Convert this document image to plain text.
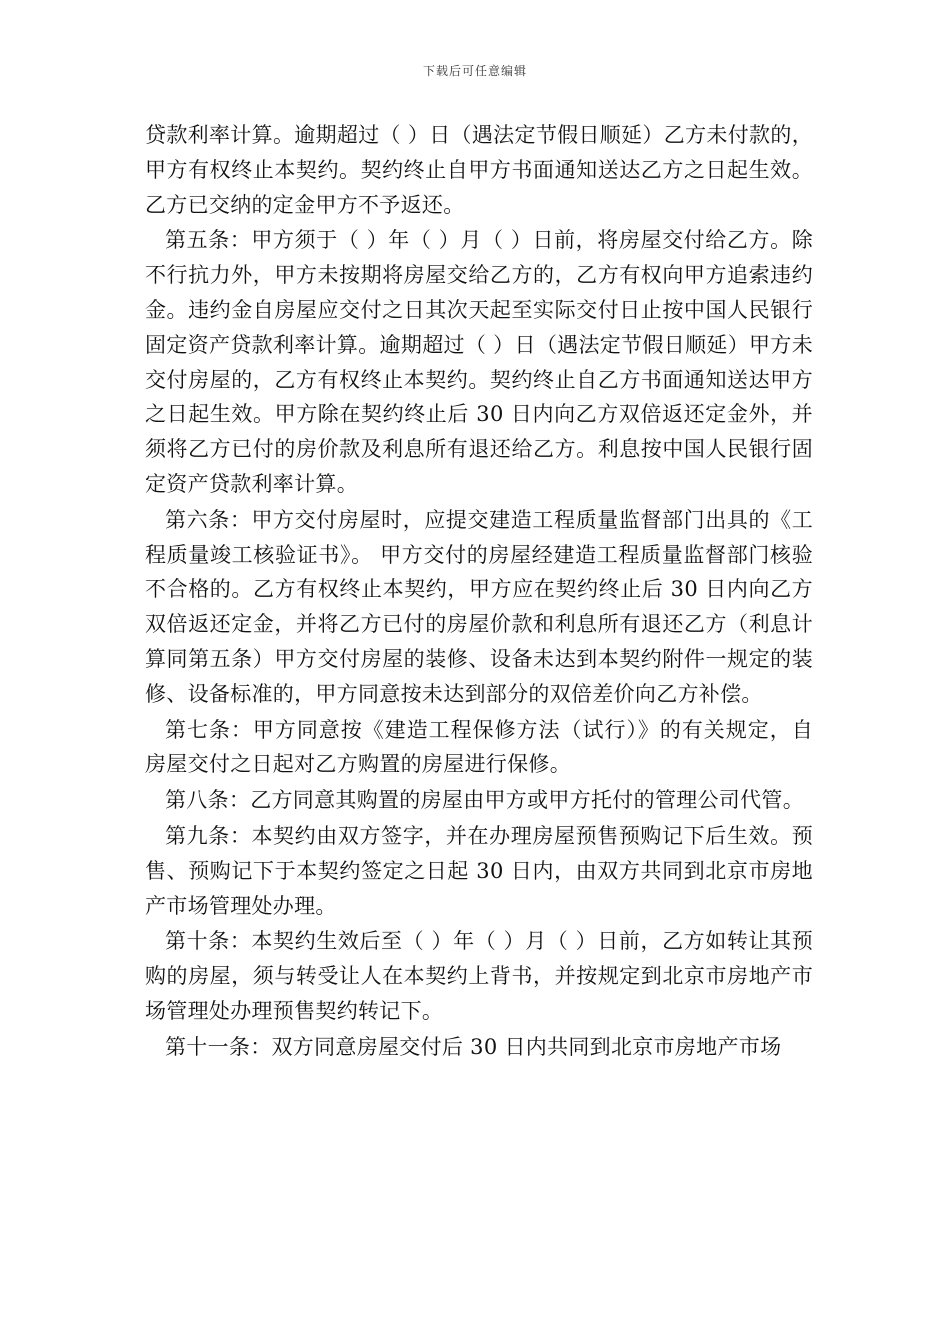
下载后可任意编辑

贷款利率计算。逾期超过（ ）日（遇法定节假日顺延）乙方未付款的，甲方有权终止本契约。契约终止自甲方书面通知送达乙方之日起生效。乙方已交纳的定金甲方不予返还。

第五条：甲方须于（ ）年（ ）月（ ）日前，将房屋交付给乙方。除不行抗力外，甲方未按期将房屋交给乙方的，乙方有权向甲方追索违约金。违约金自房屋应交付之日其次天起至实际交付日止按中国人民银行固定资产贷款利率计算。逾期超过（ ）日（遇法定节假日顺延）甲方未交付房屋的，乙方有权终止本契约。契约终止自乙方书面通知送达甲方之日起生效。甲方除在契约终止后 30 日内向乙方双倍返还定金外，并须将乙方已付的房价款及利息所有退还给乙方。利息按中国人民银行固定资产贷款利率计算。

第六条：甲方交付房屋时，应提交建造工程质量监督部门出具的《工程质量竣工核验证书》。 甲方交付的房屋经建造工程质量监督部门核验不合格的。乙方有权终止本契约，甲方应在契约终止后 30 日内向乙方双倍返还定金，并将乙方已付的房屋价款和利息所有退还乙方（利息计算同第五条）甲方交付房屋的装修、设备未达到本契约附件一规定的装修、设备标准的，甲方同意按未达到部分的双倍差价向乙方补偿。

第七条：甲方同意按《建造工程保修方法（试行）》的有关规定，自房屋交付之日起对乙方购置的房屋进行保修。

第八条：乙方同意其购置的房屋由甲方或甲方托付的管理公司代管。

第九条：本契约由双方签字，并在办理房屋预售预购记下后生效。预售、预购记下于本契约签定之日起 30 日内，由双方共同到北京市房地产市场管理处办理。

第十条：本契约生效后至（ ）年（ ）月（ ）日前，乙方如转让其预购的房屋，须与转受让人在本契约上背书，并按规定到北京市房地产市场管理处办理预售契约转记下。

第十一条：双方同意房屋交付后 30 日内共同到北京市房地产市场
